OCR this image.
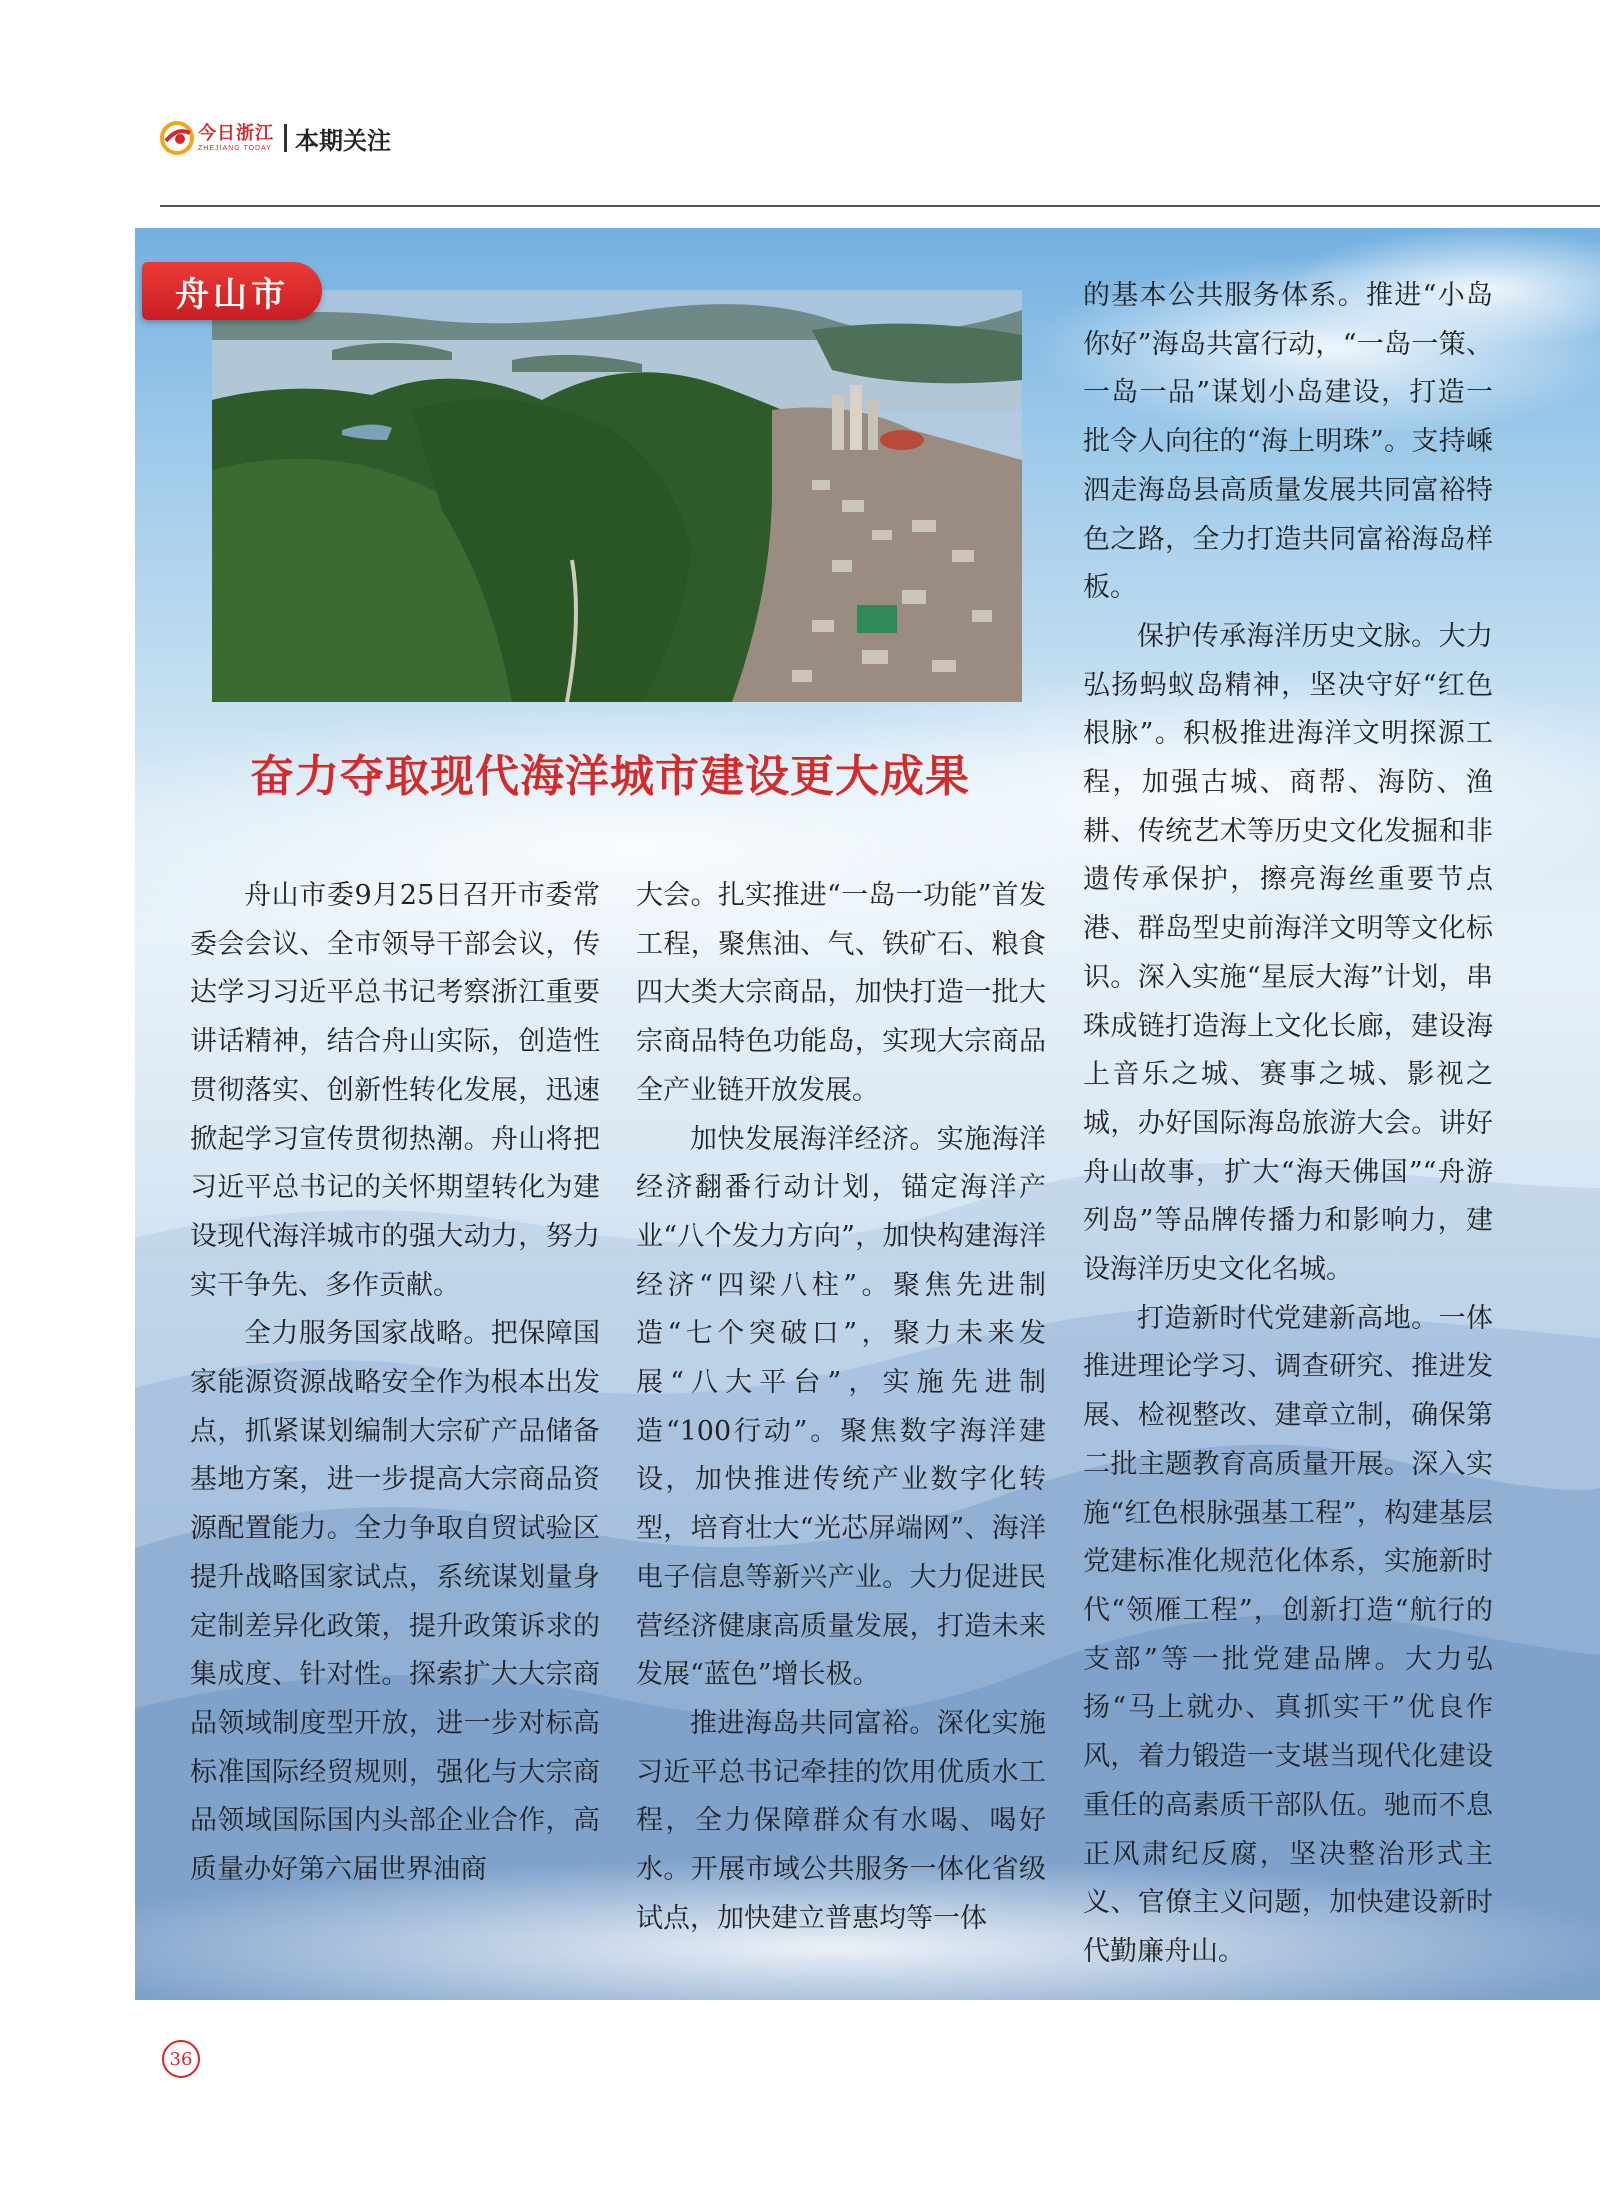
今日浙江
ZHEJIANG TODAY 本期关注
舟山市
奋力夺取现代海洋城市建设更大成果

舟山市委9月25日召开市委常委会会议、全市领导干部会议，传达学习习近平总书记考察浙江重要讲话精神，结合舟山实际，创造性贯彻落实、创新性转化发展，迅速掀起学习宣传贯彻热潮。舟山将把习近平总书记的关怀期望转化为建设现代海洋城市的强大动力，努力实干争先、多作贡献。

全力服务国家战略。把保障国家能源资源战略安全作为根本出发点，抓紧谋划编制大宗矿产品储备基地方案，进一步提高大宗商品资源配置能力。全力争取自贸试验区提升战略国家试点，系统谋划量身定制差异化政策，提升政策诉求的集成度、针对性。探索扩大大宗商品领域制度型开放，进一步对标高标准国际经贸规则，强化与大宗商品领域国际国内头部企业合作，高质量办好第六届世界油商

大会。扎实推进“一岛一功能”首发工程，聚焦油、气、铁矿石、粮食四大类大宗商品，加快打造一批大宗商品特色功能岛，实现大宗商品全产业链开放发展。

加快发展海洋经济。实施海洋经济翻番行动计划，锚定海洋产业“八个发力方向”，加快构建海洋经济“四梁八柱”。聚焦先进制造“七个突破口”，聚力未来发展“八大平台”，实施先进制造“100行动”。聚焦数字海洋建设，加快推进传统产业数字化转型，培育壮大“光芯屏端网”、海洋电子信息等新兴产业。大力促进民营经济健康高质量发展，打造未来发展“蓝色”增长极。

推进海岛共同富裕。深化实施习近平总书记牵挂的饮用优质水工程，全力保障群众有水喝、喝好水。开展市域公共服务一体化省级试点，加快建立普惠均等一体

的基本公共服务体系。推进“小岛你好”海岛共富行动，“一岛一策、一岛一品”谋划小岛建设，打造一批令人向往的“海上明珠”。支持嵊泗走海岛县高质量发展共同富裕特色之路，全力打造共同富裕海岛样板。

保护传承海洋历史文脉。大力弘扬蚂蚁岛精神，坚决守好“红色根脉”。积极推进海洋文明探源工程，加强古城、商帮、海防、渔耕、传统艺术等历史文化发掘和非遗传承保护，擦亮海丝重要节点港、群岛型史前海洋文明等文化标识。深入实施“星辰大海”计划，串珠成链打造海上文化长廊，建设海上音乐之城、赛事之城、影视之城，办好国际海岛旅游大会。讲好舟山故事，扩大“海天佛国”“舟游列岛”等品牌传播力和影响力，建设海洋历史文化名城。

打造新时代党建新高地。一体推进理论学习、调查研究、推进发展、检视整改、建章立制，确保第二批主题教育高质量开展。深入实施“红色根脉强基工程”，构建基层党建标准化规范化体系，实施新时代“领雁工程”，创新打造“航行的支部”等一批党建品牌。大力弘扬“马上就办、真抓实干”优良作风，着力锻造一支堪当现代化建设重任的高素质干部队伍。驰而不息正风肃纪反腐，坚决整治形式主义、官僚主义问题，加快建设新时代勤廉舟山。

36
